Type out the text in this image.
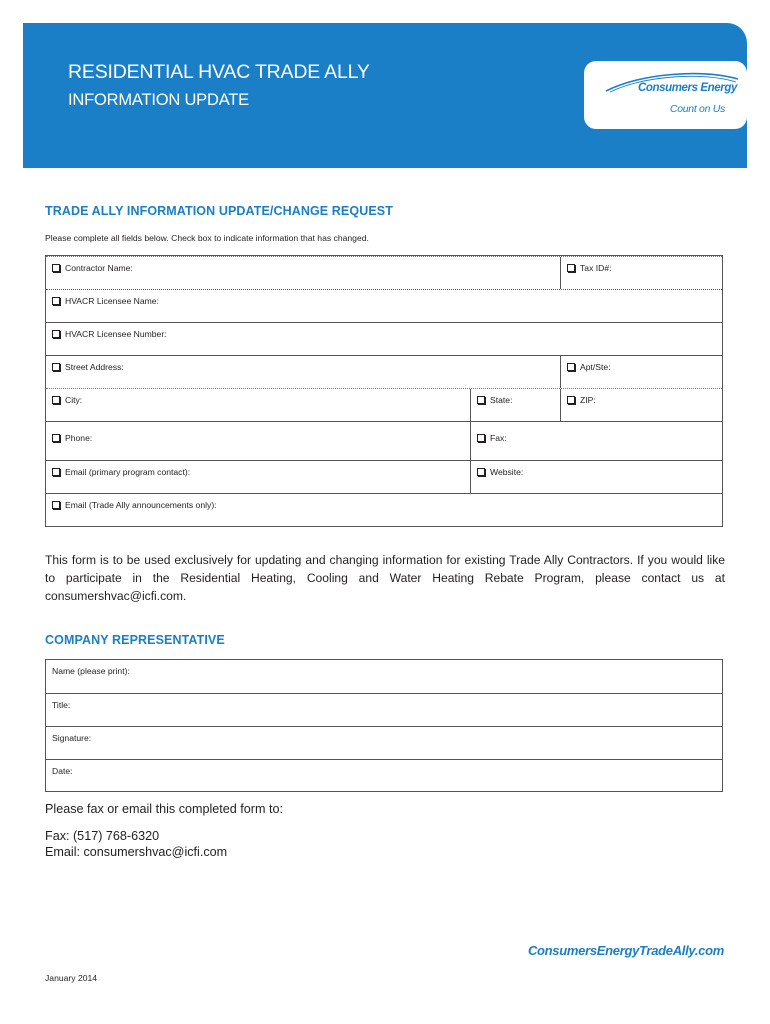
RESIDENTIAL HVAC TRADE ALLY
INFORMATION UPDATE
Consumers Energy
Count on Us
TRADE ALLY INFORMATION UPDATE/CHANGE REQUEST
Please complete all fields below. Check box to indicate information that has changed.
Contractor Name:	Tax ID#:
HVACR Licensee Name:
HVACR Licensee Number:
Street Address:	Apt/Ste:
City:	State:	ZIP:
Phone:	Fax:
Email (primary program contact):	Website:
Email (Trade Ally announcements only):
This form is to be used exclusively for updating and changing information for existing Trade Ally Contractors. If you would like to participate in the Residential Heating, Cooling and Water Heating Rebate Program, please contact us at consumershvac@icfi.com.
COMPANY REPRESENTATIVE
Name (please print):
Title:
Signature:
Date:
Please fax or email this completed form to:
Fax: (517) 768-6320
Email: consumershvac@icfi.com
ConsumersEnergyTradeAlly.com
January 2014
